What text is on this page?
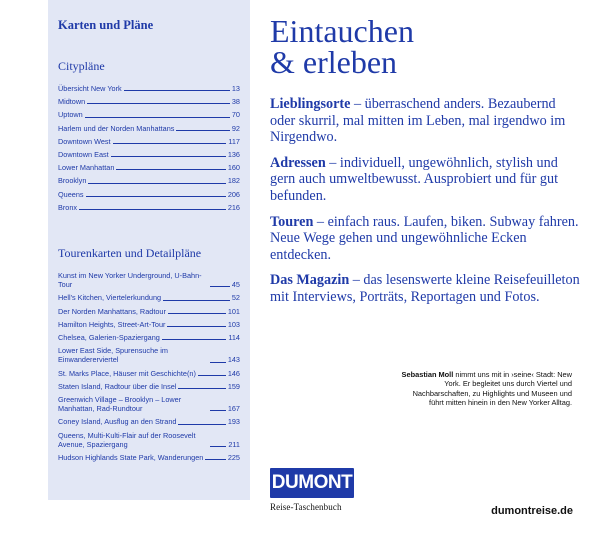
Karten und Pläne
Citypläne
Übersicht New York	13
Midtown	38
Uptown	70
Harlem und der Norden Manhattans	92
Downtown West	117
Downtown East	136
Lower Manhattan	160
Brooklyn	182
Queens	206
Bronx	216
Tourenkarten und Detailpläne
Kunst im New Yorker Underground, U-Bahn-Tour	45
Hell's Kitchen, Viertelerkundung	52
Der Norden Manhattans, Radtour	101
Hamilton Heights, Street-Art-Tour	103
Chelsea, Galerien-Spaziergang	114
Lower East Side, Spurensuche im Einwandererviertel	143
St. Marks Place, Häuser mit Geschichte(n)	146
Staten Island, Radtour über die Insel	159
Greenwich Village – Brooklyn – Lower Manhattan, Rad-Rundtour	167
Coney Island, Ausflug an den Strand	193
Queens, Multi-Kulti-Flair auf der Roosevelt Avenue, Spaziergang	211
Hudson Highlands State Park, Wanderungen	225
Eintauchen
& erleben
Lieblingsorte – überraschend anders. Bezaubernd oder skurril, mal mitten im Leben, mal irgendwo im Nirgendwo.
Adressen – individuell, ungewöhnlich, stylish und gern auch umweltbewusst. Ausprobiert und für gut befunden.
Touren – einfach raus. Laufen, biken. Subway fahren. Neue Wege gehen und ungewöhnliche Ecken entdecken.
Das Magazin – das lesenswerte kleine Reisefeuilleton mit Interviews, Porträts, Reportagen und Fotos.
Sebastian Moll nimmt uns mit in ›seine‹ Stadt: New York. Er begleitet uns durch Viertel und Nachbarschaften, zu Highlights und Museen und führt mitten hinein in den New Yorker Alltag.
DUMONT
Reise-Taschenbuch	dumontreise.de
